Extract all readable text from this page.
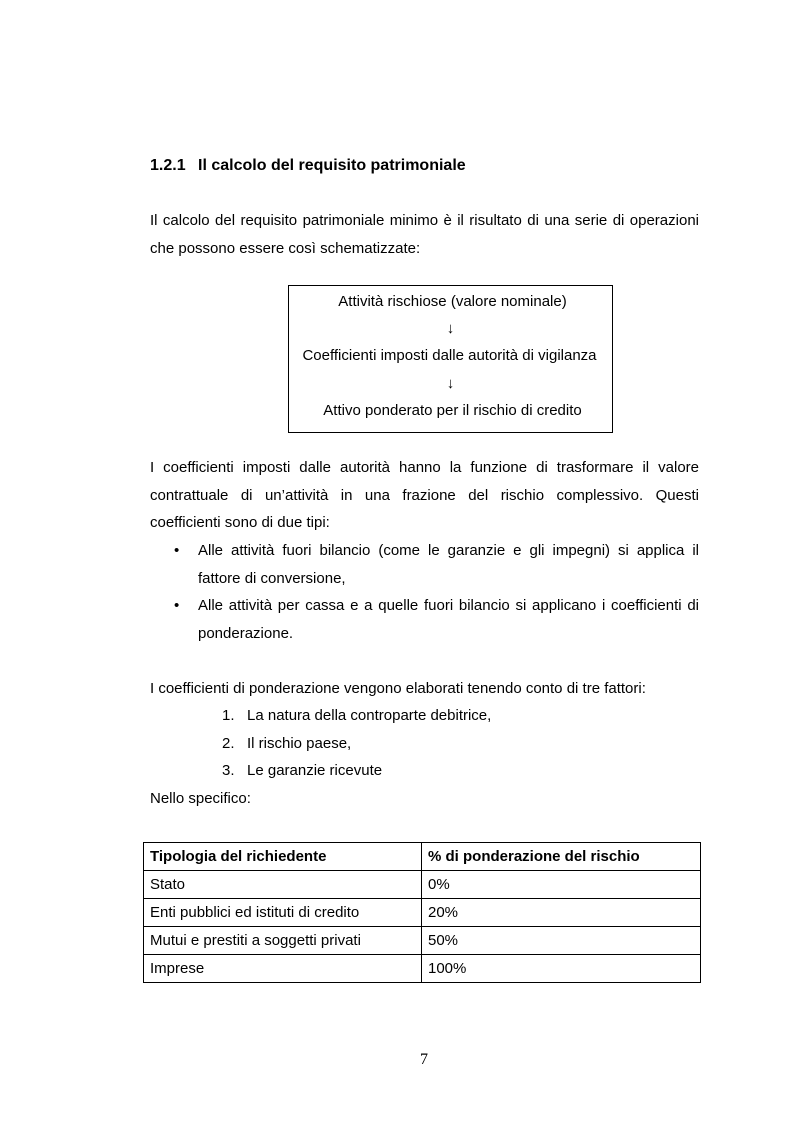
1.2.1 Il calcolo del requisito patrimoniale
Il calcolo del requisito patrimoniale minimo è il risultato di una serie di operazioni che possono essere così schematizzate:
Attività rischiose (valore nominale)
↓
Coefficienti imposti dalle autorità di vigilanza
↓
Attivo ponderato per il rischio di credito
I coefficienti imposti dalle autorità hanno la funzione di trasformare il valore contrattuale di un’attività in una frazione del rischio complessivo. Questi coefficienti sono di due tipi:
• Alle attività fuori bilancio (come le garanzie e gli impegni) si applica il fattore di conversione,
• Alle attività per cassa e a quelle fuori bilancio si applicano i coefficienti di ponderazione.
I coefficienti di ponderazione vengono elaborati tenendo conto di tre fattori:
1. La natura della controparte debitrice,
2. Il rischio paese,
3. Le garanzie ricevute
Nello specifico:
Tipologia del richiedente	% di ponderazione del rischio
Stato	0%
Enti pubblici ed istituti di credito	20%
Mutui e prestiti a soggetti privati	50%
Imprese	100%
7
